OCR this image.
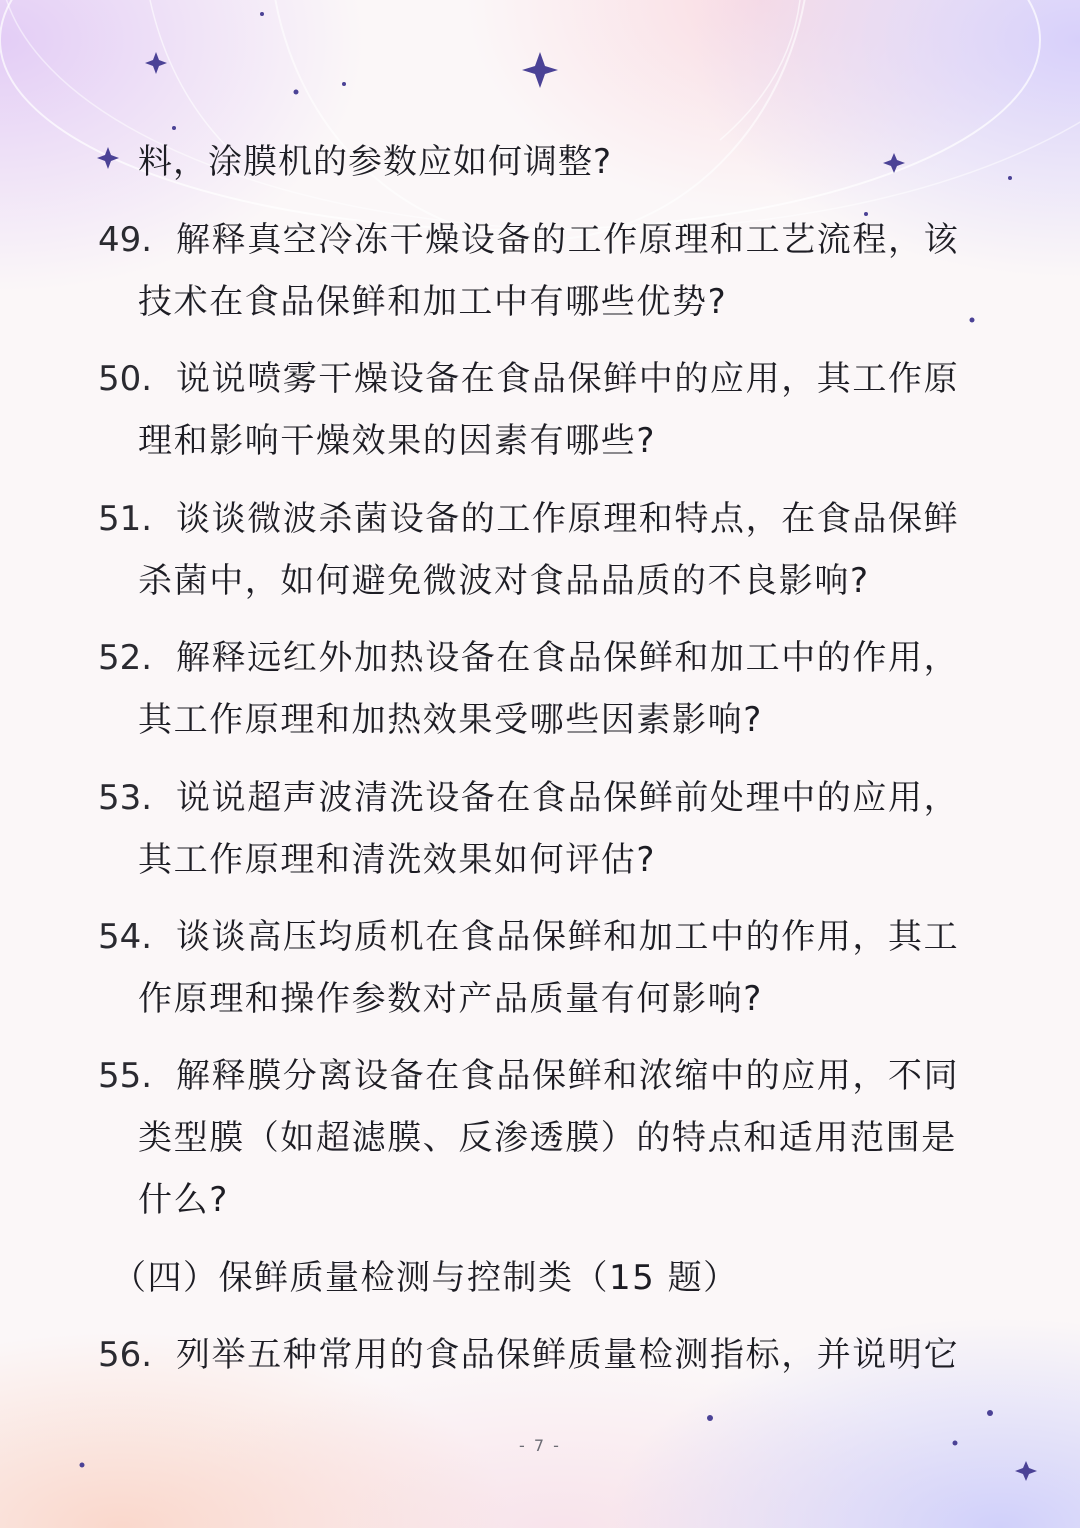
料，涂膜机的参数应如何调整?
49. 解释真空冷冻干燥设备的工作原理和工艺流程，该
技术在食品保鲜和加工中有哪些优势?
50. 说说喷雾干燥设备在食品保鲜中的应用，其工作原
理和影响干燥效果的因素有哪些?
51. 谈谈微波杀菌设备的工作原理和特点，在食品保鲜
杀菌中，如何避免微波对食品品质的不良影响?
52. 解释远红外加热设备在食品保鲜和加工中的作用，
其工作原理和加热效果受哪些因素影响?
53. 说说超声波清洗设备在食品保鲜前处理中的应用，
其工作原理和清洗效果如何评估?
54. 谈谈高压均质机在食品保鲜和加工中的作用，其工
作原理和操作参数对产品质量有何影响?
55. 解释膜分离设备在食品保鲜和浓缩中的应用，不同
类型膜（如超滤膜、反渗透膜）的特点和适用范围是
什么?
（四）保鲜质量检测与控制类（15 题）
56. 列举五种常用的食品保鲜质量检测指标，并说明它
- 7 -
